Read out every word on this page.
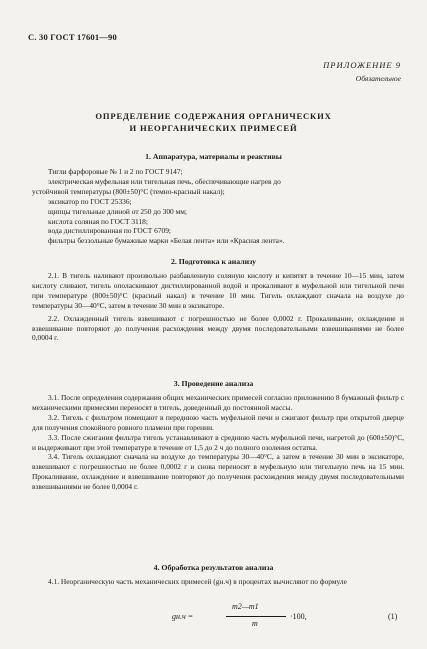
С. 30 ГОСТ 17601—90
ПРИЛОЖЕНИЕ 9
Обязательное
ОПРЕДЕЛЕНИЕ СОДЕРЖАНИЯ ОРГАНИЧЕСКИХ
И НЕОРГАНИЧЕСКИХ ПРИМЕСЕЙ
1. Аппаратура, материалы и реактивы
Тигли фарфоровые № 1 и 2 по ГОСТ 9147;
электрическая муфельная или тигельная печь, обеспечивающие нагрев до
устойчивой температуры (800±50)°С (темно-красный накал);
эксикатор по ГОСТ 25336;
щипцы тигельные длиной от 250 до 300 мм;
кислота соляная по ГОСТ 3118;
вода дистиллированная по ГОСТ 6709;
фильтры беззольные бумажные марки «Белая лента» или «Красная лента».
2. Подготовка к анализу

2.1. В тигель наливают произвольно разбавленную соляную кислоту и кипятят в течение 10—15 мин, затем кислоту сливают, тигель ополаскивают дистиллированной водой и прокаливают в муфельной или тигельной печи при температуре (800±50)°С (красный накал) в течение 10 мин. Тигель охлаждают сначала на воздухе до температуры 30—40°С, затем в течение 30 мин в эксикаторе.

2.2. Охлажденный тигель взвешивают с погрешностью не более 0,0002 г. Прокаливание, охлаждение и взвешивание повторяют до получения расхождения между двумя последовательными взвешиваниями не более 0,0004 г.

3. Проведение анализа

3.1. После определения содержания общих механических примесей согласно приложению 8 бумажный фильтр с механическими примесями переносят в тигель, доведенный до постоянной массы.

3.2. Тигель с фильтром помещают в переднюю часть муфельной печи и сжигают фильтр при открытой дверце для получения спокойного ровного пламени при горении.

3.3. После сжигания фильтра тигель устанавливают в среднюю часть муфельной печи, нагретой до (600±50)°С, и выдерживают при этой температуре в течение от 1,5 до 2 ч до полного озоления остатка.

3.4. Тигель охлаждают сначала на воздухе до температуры 30—40°С, а затем в течение 30 мин в эксикаторе, взвешивают с погрешностью не более 0,0002 г и снова переносят в муфельную или тигельную печь на 15 мин. Прокаливание, охлаждение и взвешивание повторяют до получения расхождения между двумя последовательными взвешиваниями не более 0,0004 г.

4. Обработка результатов анализа

4.1. Неорганическую часть механических примесей (gн.ч) в процентах вычисляют по формуле

gн.ч =
m2—m1
m
·100,	(1)
